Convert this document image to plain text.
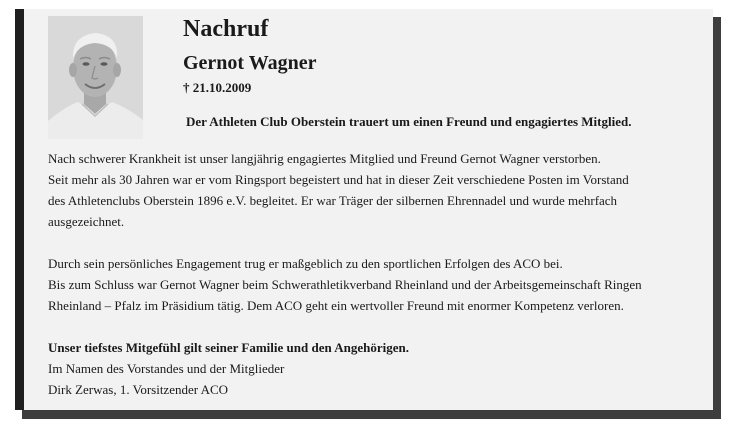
Nachruf
Gernot Wagner
† 21.10.2009
Der Athleten Club Oberstein trauert um einen Freund und engagiertes Mitglied.

Nach schwerer Krankheit ist unser langjährig engagiertes Mitglied und Freund Gernot Wagner verstorben.

Seit mehr als 30 Jahren war er vom Ringsport begeistert und hat in dieser Zeit verschiedene Posten im Vorstand

des Athletenclubs Oberstein 1896 e.V. begleitet. Er war Träger der silbernen Ehrennadel und wurde mehrfach

ausgezeichnet.

Durch sein persönliches Engagement trug er maßgeblich zu den sportlichen Erfolgen des ACO bei.

Bis zum Schluss war Gernot Wagner beim Schwerathletikverband Rheinland und der Arbeitsgemeinschaft Ringen

Rheinland – Pfalz im Präsidium tätig. Dem ACO geht ein wertvoller Freund mit enormer Kompetenz verloren.

Unser tiefstes Mitgefühl gilt seiner Familie und den Angehörigen.

Im Namen des Vorstandes und der Mitglieder

Dirk Zerwas, 1. Vorsitzender ACO
